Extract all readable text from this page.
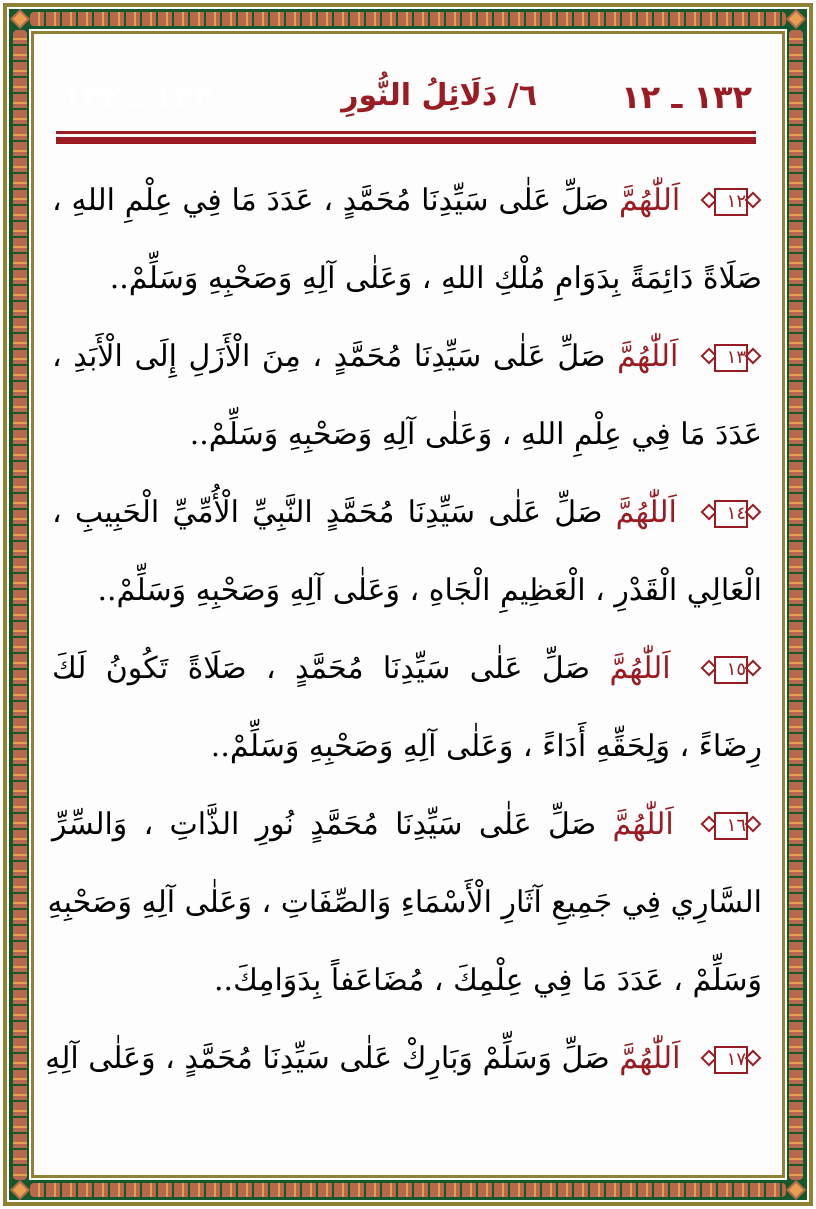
١٣٢ ـ ١٢
٦/ دَلَائِلُ النُّورِ
١٣٢ ـ ١٣٢
١٢
اَللّٰهُمَّ صَلِّ عَلٰى سَيِّدِنَا مُحَمَّدٍ ، عَدَدَ مَا فِي عِلْمِ اللهِ ،
صَلَاةً دَائِمَةً بِدَوَامِ مُلْكِ اللهِ ، وَعَلٰى آلِهِ وَصَحْبِهِ وَسَلِّمْ..
١٣
اَللّٰهُمَّ صَلِّ عَلٰى سَيِّدِنَا مُحَمَّدٍ ، مِنَ الْأَزَلِ إِلَى الْأَبَدِ ،
عَدَدَ مَا فِي عِلْمِ اللهِ ، وَعَلٰى آلِهِ وَصَحْبِهِ وَسَلِّمْ..
١٤
اَللّٰهُمَّ صَلِّ عَلٰى سَيِّدِنَا مُحَمَّدٍ النَّبِيِّ الْأُمِّيِّ الْحَبِيبِ ،
الْعَالِي الْقَدْرِ ، الْعَظِيمِ الْجَاهِ ، وَعَلٰى آلِهِ وَصَحْبِهِ وَسَلِّمْ..
١٥
اَللّٰهُمَّ صَلِّ عَلٰى سَيِّدِنَا مُحَمَّدٍ ، صَلَاةً تَكُونُ لَكَ
رِضَاءً ، وَلِحَقِّهِ أَدَاءً ، وَعَلٰى آلِهِ وَصَحْبِهِ وَسَلِّمْ..
١٦
اَللّٰهُمَّ صَلِّ عَلٰى سَيِّدِنَا مُحَمَّدٍ نُورِ الذَّاتِ ، وَالسِّرِّ
السَّارِي فِي جَمِيعِ آثَارِ الْأَسْمَاءِ وَالصِّفَاتِ ، وَعَلٰى آلِهِ وَصَحْبِهِ
وَسَلِّمْ ، عَدَدَ مَا فِي عِلْمِكَ ، مُضَاعَفاً بِدَوَامِكَ..
١٧
اَللّٰهُمَّ صَلِّ وَسَلِّمْ وَبَارِكْ عَلٰى سَيِّدِنَا مُحَمَّدٍ ، وَعَلٰى آلِهِ
